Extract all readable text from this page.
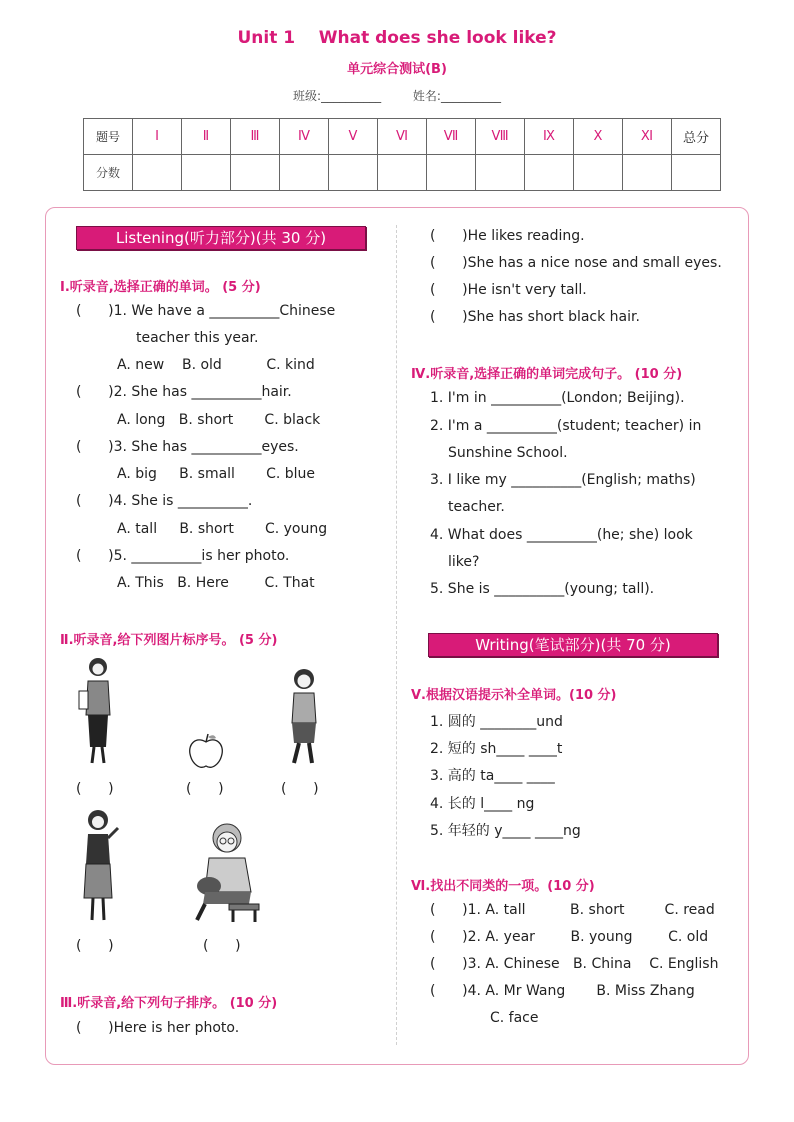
Unit 1    What does she look like?
单元综合测试(B)
班级:__________	姓名:__________
题号	Ⅰ	Ⅱ	Ⅲ	Ⅳ	Ⅴ	Ⅵ	Ⅶ	Ⅷ	Ⅸ	Ⅹ	Ⅺ	总分
分数												
Listening(听力部分)(共 30 分)
Ⅰ.听录音,选择正确的单词。 (5 分)
(      )1. We have a __________Chinese
teacher this year.
A. new    B. old          C. kind
(      )2. She has __________hair.
A. long   B. short       C. black
(      )3. She has __________eyes.
A. big     B. small       C. blue
(      )4. She is __________.
A. tall     B. short       C. young
(      )5. __________is her photo.
A. This   B. Here        C. That
Ⅱ.听录音,给下列图片标序号。 (5 分)
(      )	(      )	(      )
(      )	(      )
Ⅲ.听录音,给下列句子排序。 (10 分)
(      )Here is her photo.
(      )He likes reading.
(      )She has a nice nose and small eyes.
(      )He isn't very tall.
(      )She has short black hair.
Ⅳ.听录音,选择正确的单词完成句子。 (10 分)
1. I'm in __________(London; Beijing).
2. I'm a __________(student; teacher) in
Sunshine School.
3. I like my __________(English; maths)
teacher.
4. What does __________(he; she) look
like?
5. She is __________(young; tall).
Writing(笔试部分)(共 70 分)
Ⅴ.根据汉语提示补全单词。(10 分)
1. 圆的 ________und
2. 短的 sh____ ____t
3. 高的 ta____ ____
4. 长的 l____ ng
5. 年轻的 y____ ____ng
Ⅵ.找出不同类的一项。(10 分)
(      )1. A. tall          B. short         C. read
(      )2. A. year        B. young        C. old
(      )3. A. Chinese   B. China    C. English
(      )4. A. Mr Wang       B. Miss Zhang
C. face
